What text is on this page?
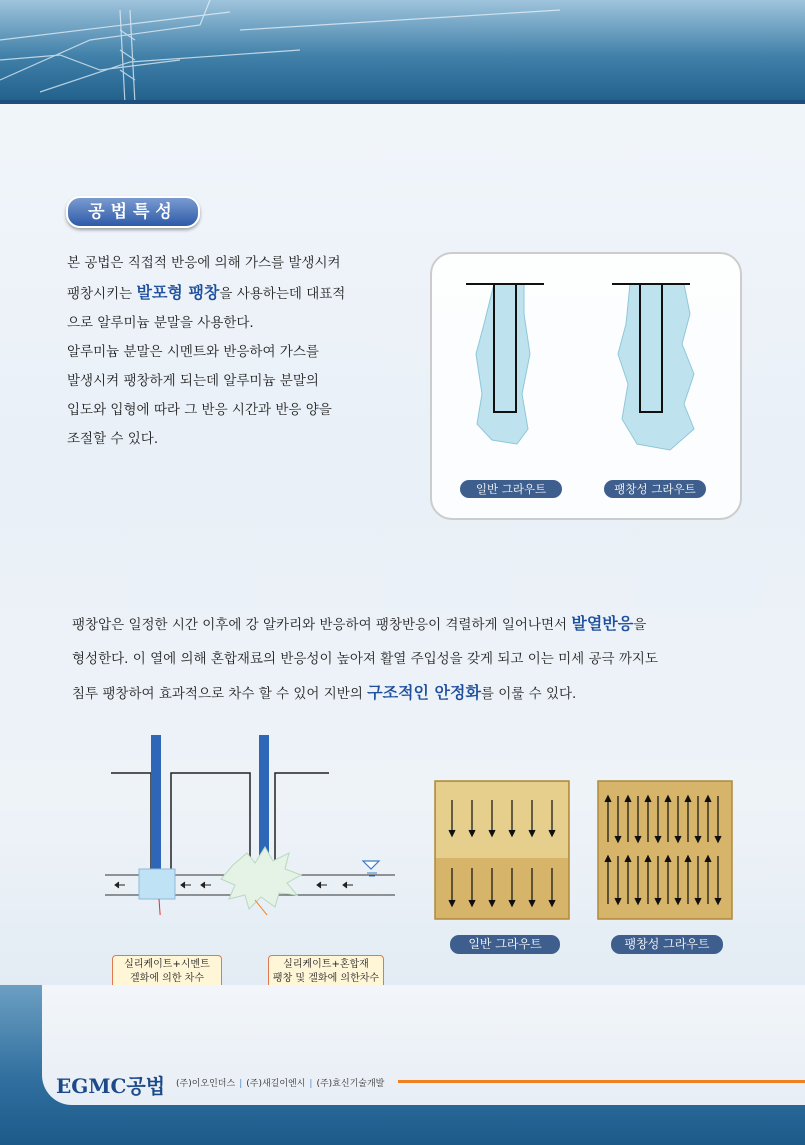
공법특성
본 공법은 직접적 반응에 의해 가스를 발생시켜
팽창시키는 발포형 팽창을 사용하는데 대표적
으로 알루미늄 분말을 사용한다.
알루미늄 분말은 시멘트와 반응하여 가스를
발생시켜 팽창하게 되는데 알루미늄 분말의
입도와 입형에 따라 그 반응 시간과 반응 양을
조절할 수 있다.
일반 그라우트	팽창성 그라우트
팽창압은 일정한 시간 이후에 강 알카리와 반응하여 팽창반응이 격렬하게 일어나면서 발열반응을
형성한다. 이 열에 의해 혼합재료의 반응성이 높아져 활열 주입성을 갖게 되고 이는 미세 공극 까지도
침투 팽창하여 효과적으로 차수 할 수 있어 지반의 구조적인 안정화를 이룰 수 있다.
실리케이트+시멘트
겔화에 의한 차수
실리케이트+혼합재
팽창 및 겔화에 의한차수
일반 그라우트	팽창성 그라우트
EGMC공법 (주)이오인더스 | (주)새길이엔시 | (주)효신기술개발
